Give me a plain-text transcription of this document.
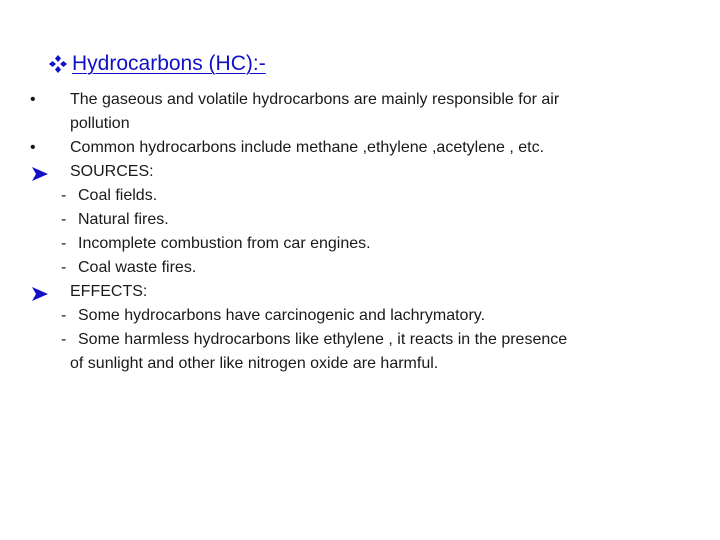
Hydrocarbons (HC):-
• The gaseous and volatile hydrocarbons are mainly responsible for air
pollution
• Common hydrocarbons include methane ,ethylene ,acetylene , etc.
SOURCES:
- Coal fields.
- Natural fires.
- Incomplete combustion from car engines.
- Coal waste fires.
EFFECTS:
- Some hydrocarbons have carcinogenic and lachrymatory.
- Some harmless hydrocarbons like ethylene , it reacts in the presence
of sunlight and other like nitrogen oxide are harmful.
